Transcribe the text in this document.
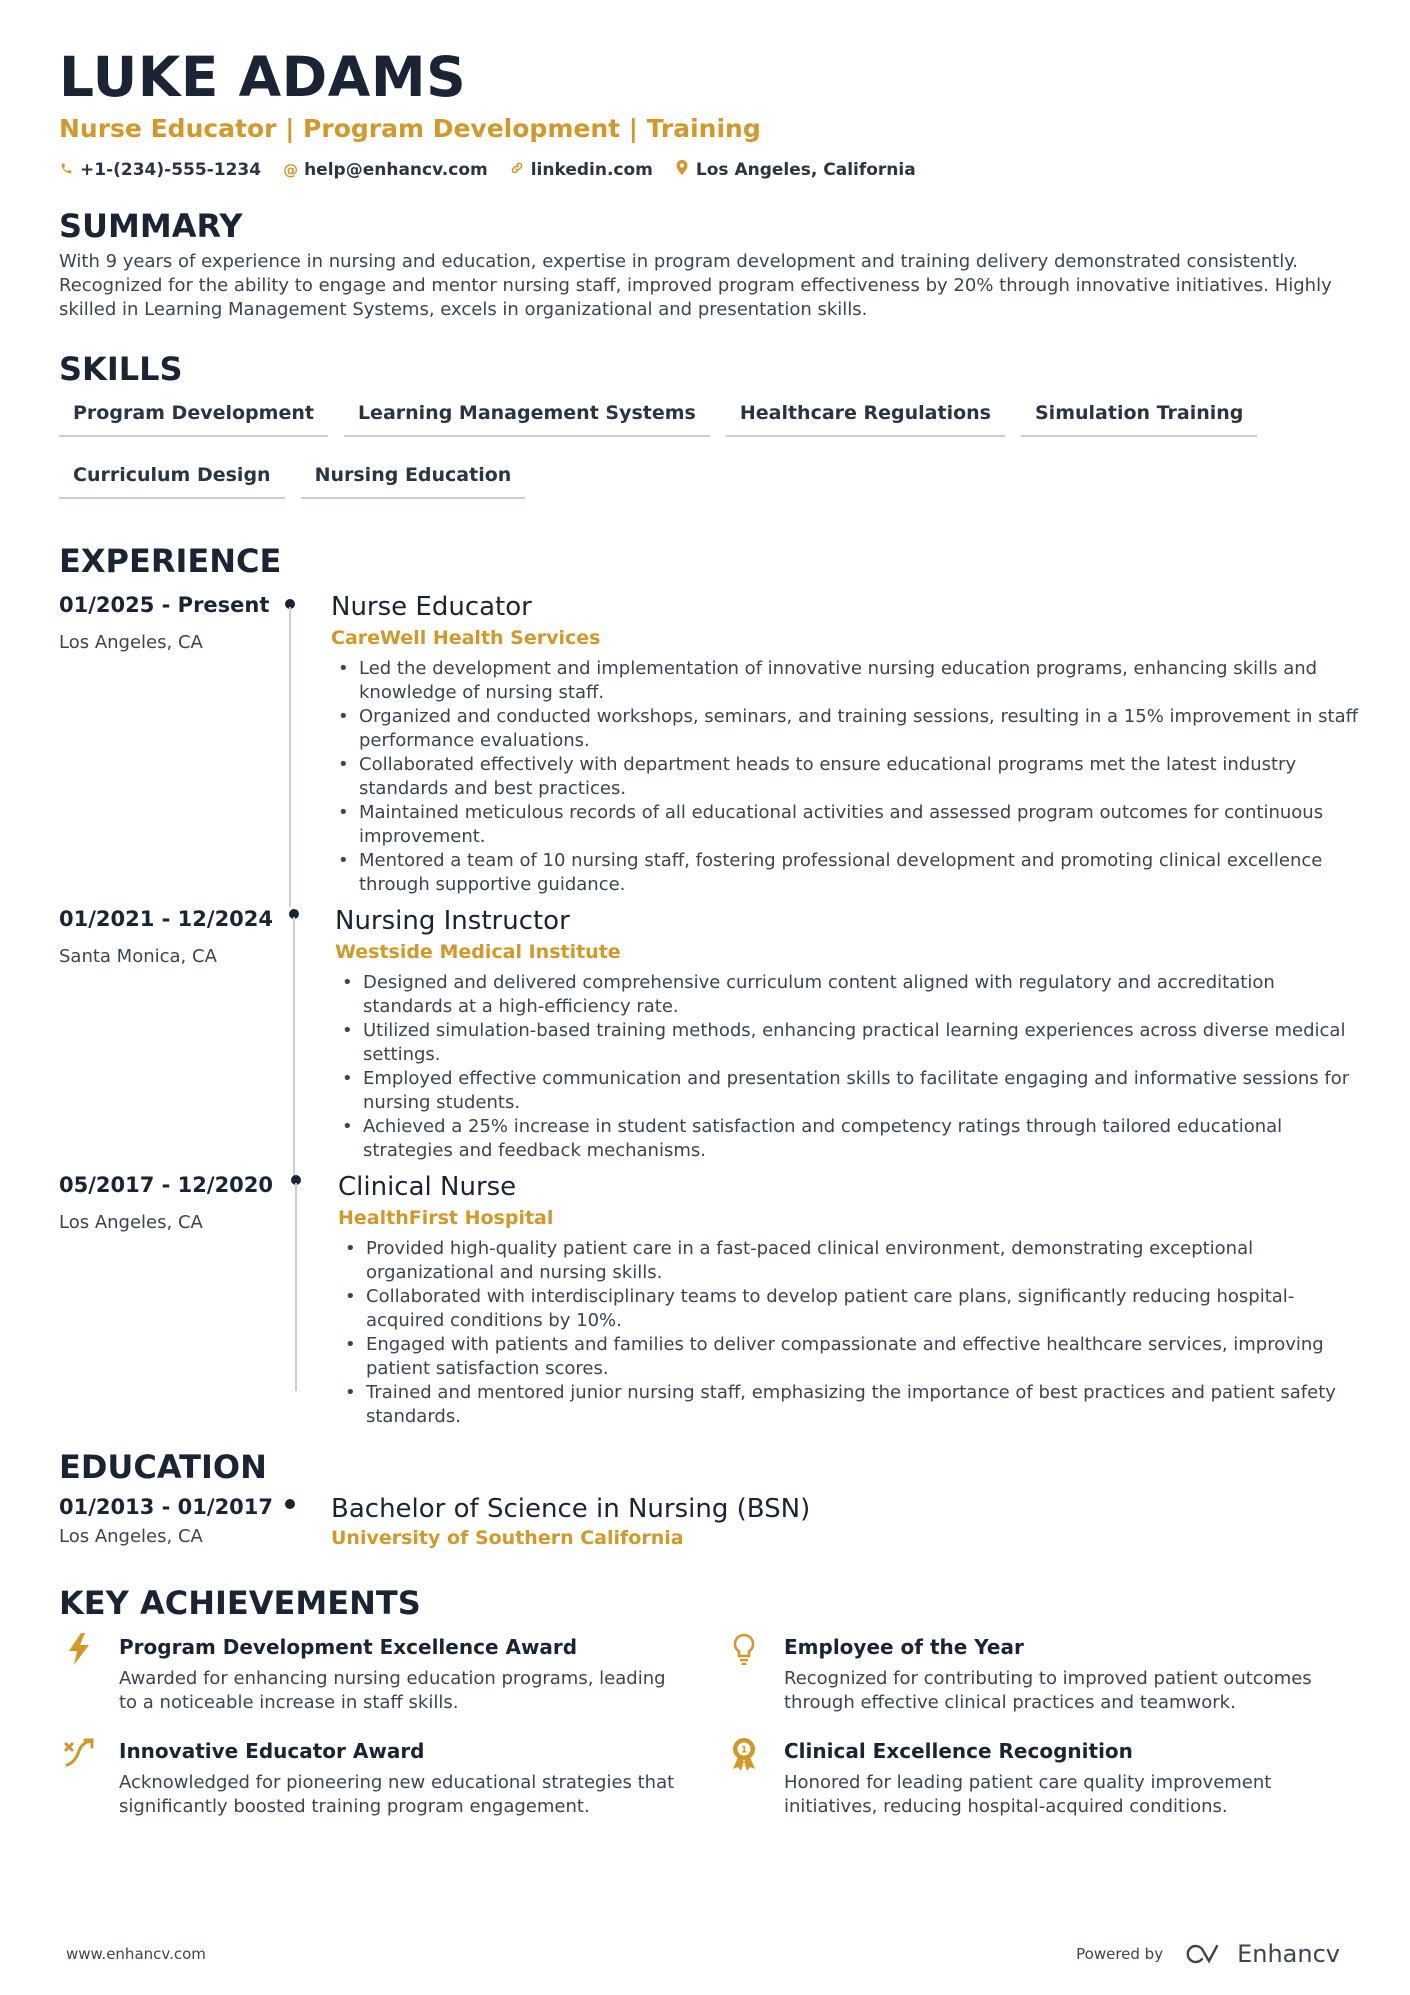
LUKE ADAMS
Nurse Educator | Program Development | Training
+1-(234)-555-1234 @ help@enhancv.com	linkedin.com	Los Angeles, California
SUMMARY
With 9 years of experience in nursing and education, expertise in program development and training delivery demonstrated consistently. Recognized for the ability to engage and mentor nursing staff, improved program effectiveness by 20% through innovative initiatives. Highly skilled in Learning Management Systems, excels in organizational and presentation skills.
SKILLS
Program Development	Learning Management Systems	Healthcare Regulations	Simulation Training
Curriculum Design	Nursing Education
EXPERIENCE
01/2025 - Present
Los Angeles, CA
Nurse Educator
CareWell Health Services
• Led the development and implementation of innovative nursing education programs, enhancing skills and knowledge of nursing staff.
• Organized and conducted workshops, seminars, and training sessions, resulting in a 15% improvement in staff performance evaluations.
• Collaborated effectively with department heads to ensure educational programs met the latest industry standards and best practices.
• Maintained meticulous records of all educational activities and assessed program outcomes for continuous improvement.
• Mentored a team of 10 nursing staff, fostering professional development and promoting clinical excellence through supportive guidance.
01/2021 - 12/2024
Santa Monica, CA
Nursing Instructor
Westside Medical Institute
• Designed and delivered comprehensive curriculum content aligned with regulatory and accreditation standards at a high-efficiency rate.
• Utilized simulation-based training methods, enhancing practical learning experiences across diverse medical settings.
• Employed effective communication and presentation skills to facilitate engaging and informative sessions for nursing students.
• Achieved a 25% increase in student satisfaction and competency ratings through tailored educational strategies and feedback mechanisms.
05/2017 - 12/2020
Los Angeles, CA
Clinical Nurse
HealthFirst Hospital
• Provided high-quality patient care in a fast-paced clinical environment, demonstrating exceptional organizational and nursing skills.
• Collaborated with interdisciplinary teams to develop patient care plans, significantly reducing hospital-acquired conditions by 10%.
• Engaged with patients and families to deliver compassionate and effective healthcare services, improving patient satisfaction scores.
• Trained and mentored junior nursing staff, emphasizing the importance of best practices and patient safety standards.
EDUCATION
01/2013 - 01/2017
Los Angeles, CA
Bachelor of Science in Nursing (BSN)
University of Southern California
KEY ACHIEVEMENTS
Program Development Excellence Award
Awarded for enhancing nursing education programs, leading to a noticeable increase in staff skills.
Employee of the Year
Recognized for contributing to improved patient outcomes through effective clinical practices and teamwork.
Innovative Educator Award
Acknowledged for pioneering new educational strategies that significantly boosted training program engagement.
1 Clinical Excellence Recognition
Honored for leading patient care quality improvement initiatives, reducing hospital-acquired conditions.
www.enhancv.com	Powered by	Enhancv
